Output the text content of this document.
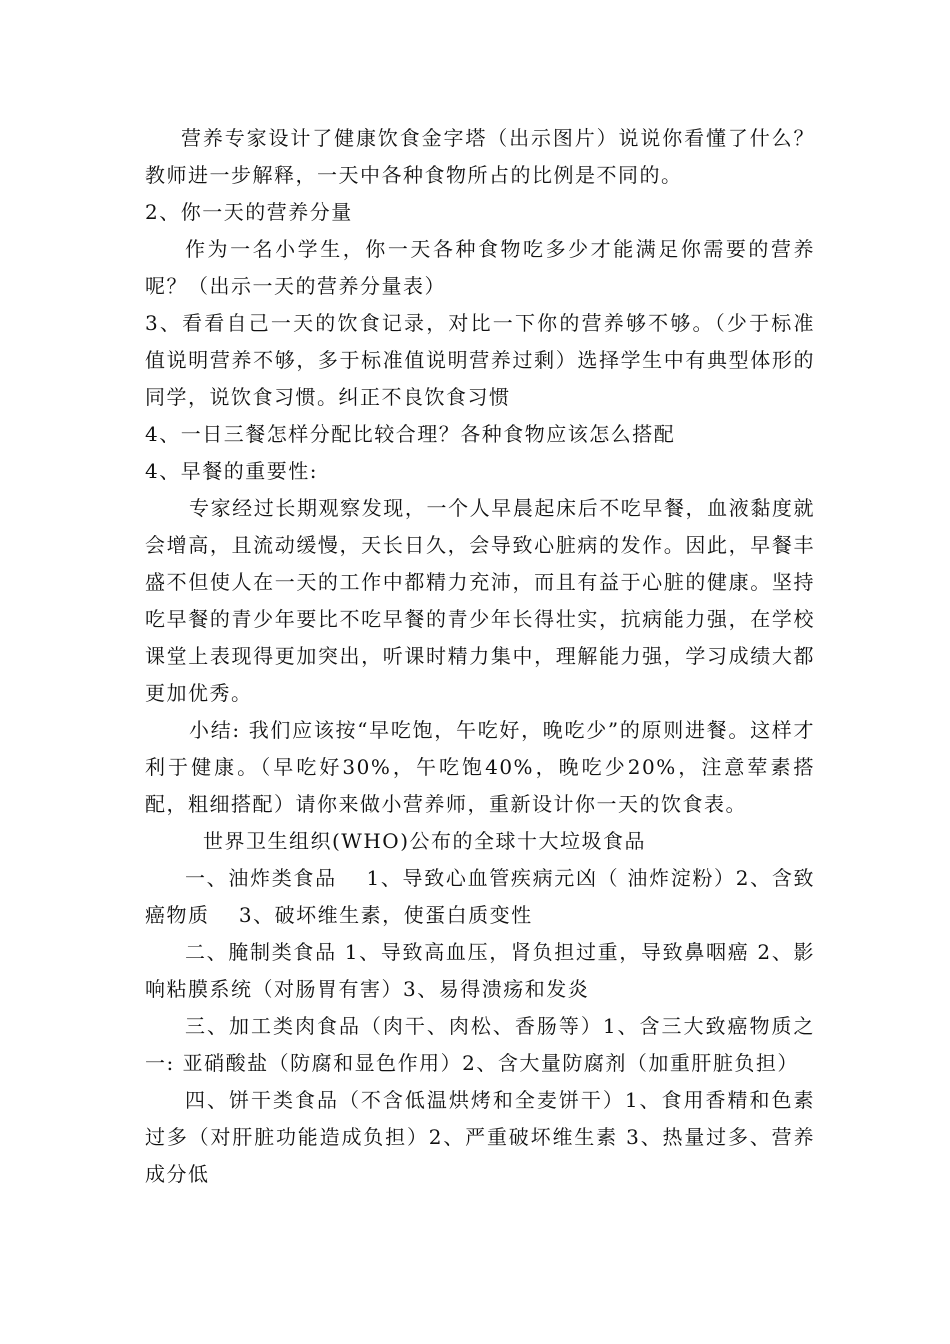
营养专家设计了健康饮食金字塔（出示图片）说说你看懂了什么？教师进一步解释，一天中各种食物所占的比例是不同的。

2、你一天的营养分量

作为一名小学生，你一天各种食物吃多少才能满足你需要的营养呢？（出示一天的营养分量表）

3、看看自己一天的饮食记录，对比一下你的营养够不够。（少于标准值说明营养不够，多于标准值说明营养过剩）选择学生中有典型体形的同学，说饮食习惯。纠正不良饮食习惯

4、一日三餐怎样分配比较合理？各种食物应该怎么搭配

4、早餐的重要性:

专家经过长期观察发现，一个人早晨起床后不吃早餐，血液黏度就会增高，且流动缓慢，天长日久，会导致心脏病的发作。因此，早餐丰盛不但使人在一天的工作中都精力充沛，而且有益于心脏的健康。坚持吃早餐的青少年要比不吃早餐的青少年长得壮实，抗病能力强，在学校课堂上表现得更加突出，听课时精力集中，理解能力强，学习成绩大都更加优秀。

小结: 我们应该按“早吃饱，午吃好，晚吃少”的原则进餐。这样才利于健康。（早吃好30%，午吃饱40%，晚吃少20%，注意荤素搭配，粗细搭配）请你来做小营养师，重新设计你一天的饮食表。

世界卫生组织(WHO)公布的全球十大垃圾食品

一、油炸类食品　 1、导致心血管疾病元凶（ 油炸淀粉）2、含致癌物质　 3、破坏维生素，使蛋白质变性

二、腌制类食品 1、导致高血压，肾负担过重，导致鼻咽癌 2、影响粘膜系统（对肠胃有害）3、易得溃疡和发炎

三、加工类肉食品（肉干、肉松、香肠等）1、含三大致癌物质之一: 亚硝酸盐（防腐和显色作用）2、含大量防腐剂（加重肝脏负担）

四、饼干类食品（不含低温烘烤和全麦饼干）1、食用香精和色素过多（对肝脏功能造成负担）2、严重破坏维生素 3、热量过多、营养成分低
